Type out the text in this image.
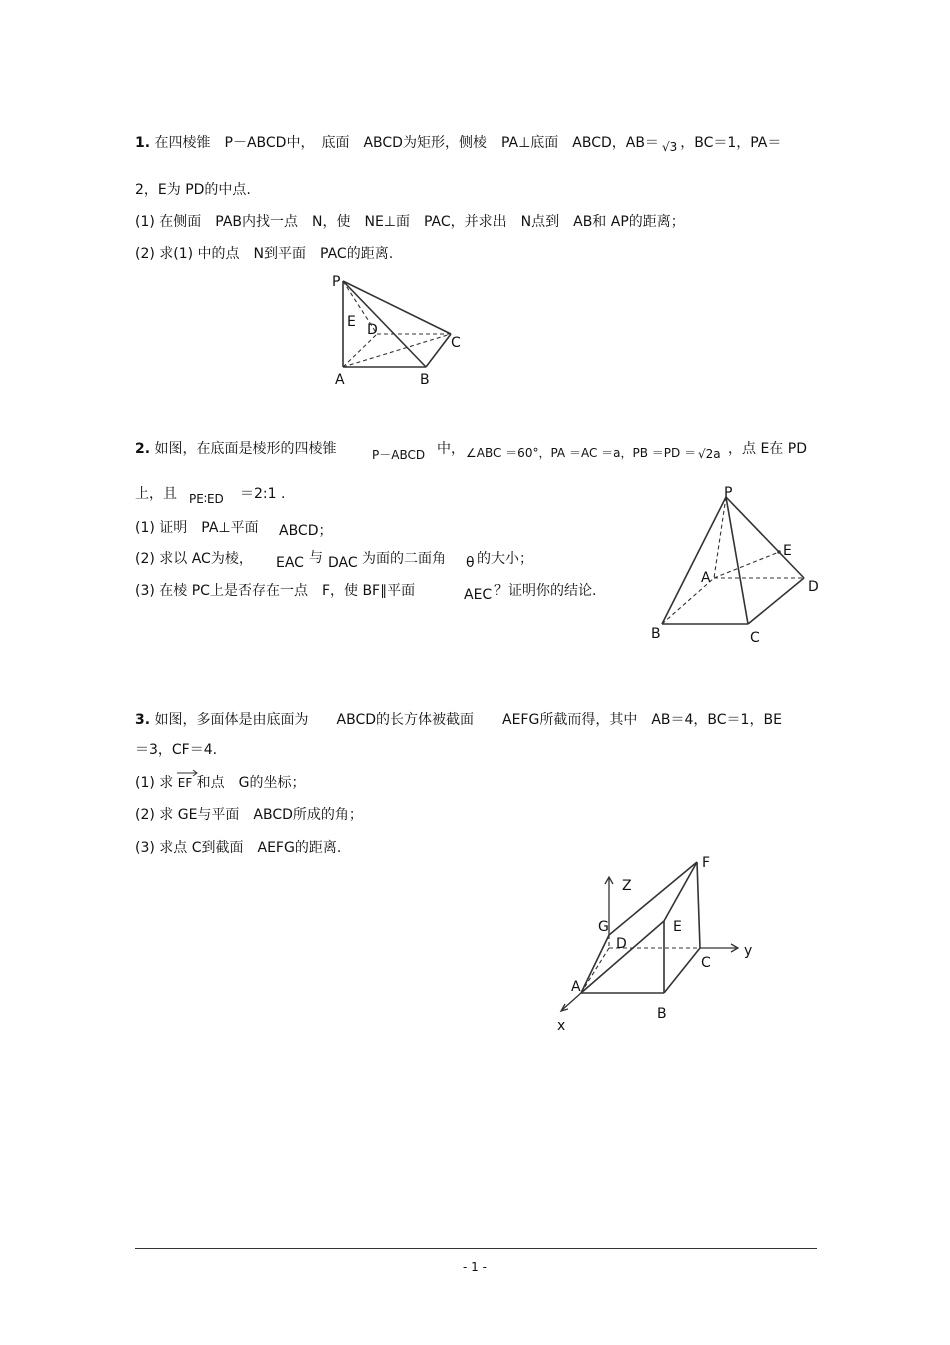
1. 在四棱锥　P－ABCD中，　底面　ABCD为矩形，侧棱　PA⊥底面　ABCD，AB＝ √3 ，BC＝1，PA＝
2，E为 PD的中点.
(1) 在侧面　PAB内找一点　N，使　NE⊥面　PAC，并求出　N点到　AB和 AP的距离；
(2) 求(1) 中的点　N到平面　PAC的距离.
P
E D
C
A	B
2. 如图，在底面是棱形的四棱锥	P－ABCD 中， ∠ABC ＝60°，PA ＝AC ＝a，PB ＝PD ＝ √2a ，点 E在 PD
上，且 PE∶ED ＝2:1 .
(1) 证明　PA⊥平面 ABCD；
(2) 求以 AC为棱， EAC 与 DAC 为面的二面角 θ 的大小；
(3) 在棱 PC上是否存在一点　F，使 BF∥平面	AEC ？证明你的结论.
P
E
A
D
B	C
3. 如图，多面体是由底面为　　ABCD的长方体被截面　　AEFG所截而得，其中　AB＝4，BC＝1，BE
＝3，CF＝4.
(1) 求 EF 和点　G的坐标；
(2) 求 GE与平面　ABCD所成的角；
(3) 求点 C到截面　AEFG的距离.
Z
F
G	E
D	y
C
A
B
x
- 1 -
